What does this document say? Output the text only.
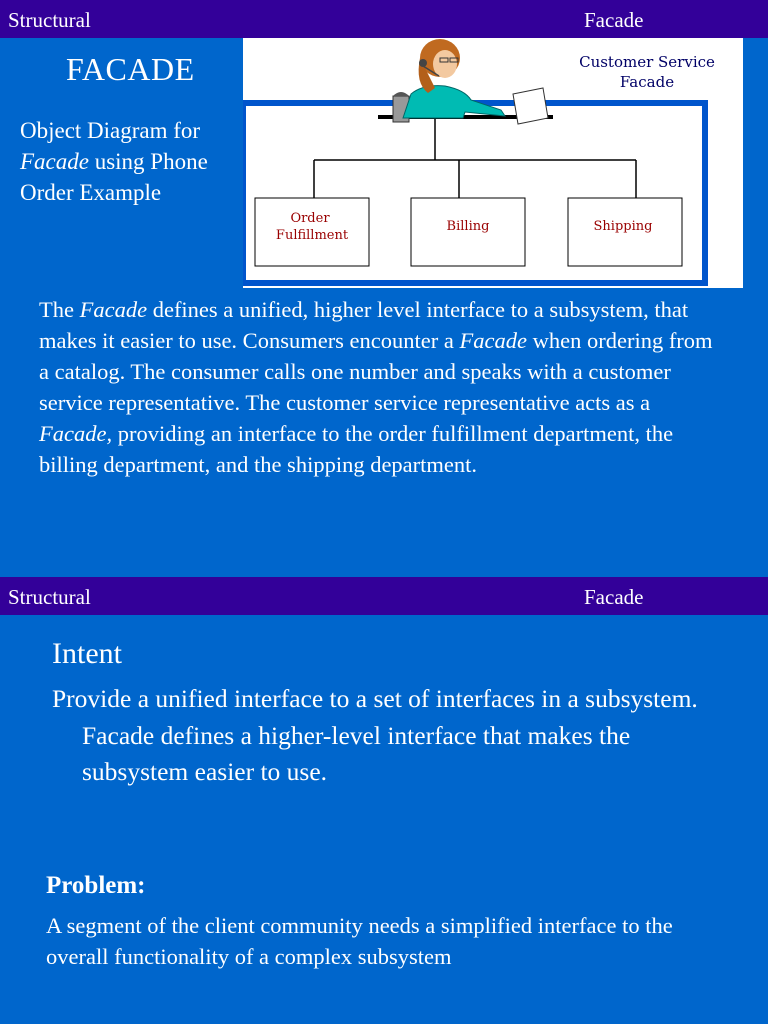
Structural	Facade
FACADE
Object Diagram for
Facade using Phone
Order Example
Customer Service
Facade
Order
Fulfillment
Billing	Shipping
The Facade defines a unified, higher level interface to a subsystem, that makes it easier to use. Consumers encounter a Facade when ordering from a catalog. The consumer calls one number and speaks with a customer service representative. The customer service representative acts as a Facade, providing an interface to the order fulfillment department, the billing department, and the shipping department.
Structural	Facade
Intent
Provide a unified interface to a set of interfaces in a subsystem. Facade defines a higher-level interface that makes the subsystem easier to use.
Problem:
A segment of the client community needs a simplified interface to the overall functionality of a complex subsystem
